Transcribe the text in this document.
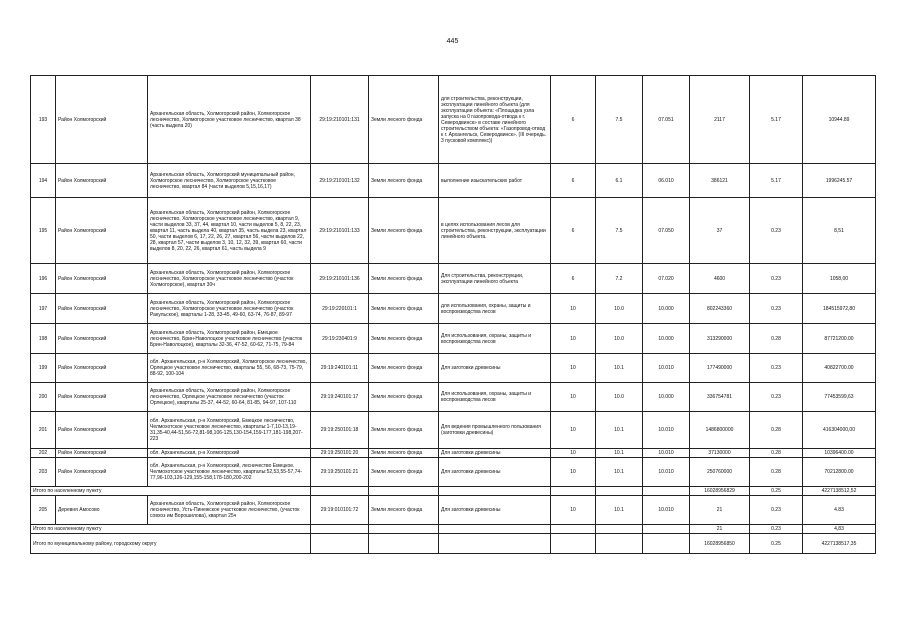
445
193	Район Холмогорский	Архангельская область, Холмогорский район, Холмогорское лесничество, Холмогорское участковое лесничество, квартал 38 (часть выдела 20)	29:19:210101:131	Земли лесного фонда	для строительства, реконструкции, эксплуатации линейного объекта (для эксплуатации объекта: «Площадка узла запуска на 0 газопровода-отвода к г. Северодвинск» в составе линейного строительством объекта: «Газопровод-отвод к г. Архангельск, Северодвинск». (III очередь. 3 пусковой комплекс))	6	7.5	07.051	2117	5.17	10944.89
194	Район Холмогорский	Архангельская область, Холмогорский муниципальный район, Холмогорское лесничество, Холмогорское участковое лесничество, квартал 84 (части выделов 5,15,16,17)	29:19:210101:132	Земли лесного фонда	выполнение изыскательских работ	6	6.1	06.010	386121	5.17	1996245.57
195	Район Холмогорский	Архангельская область, Холмогорский район, Холмогорское лесничество, Холмогорское участковое лесничество, квартал 9, части выделов 33, 37, 44, квартал 10, части выделов 5, 8, 22, 23, квартал 11, часть выдела 40, квартал 35, часть выдела 23, квартал 50, части выделов 6, 17, 22, 26, 27, квартал 56, части выделов 22, 28, квартал 57, части выделов 3, 10, 12, 32, 39, квартал 60, части выделов 8, 20, 22, 26, квартал 61, часть выдела 9	29:19:210101:133	Земли лесного фонда	в целях использования лесов для строительства, реконструкции, эксплуатации линейного объекта.	6	7.5	07.050	37	0.23	8,51
196	Район Холмогорский	Архангельская область, Холмогорский район, Холмогорское лесничество, Холмогорское участковое лесничество (участок Холмогорское), квартал 30ч	29:19:210101:136	Земли лесного фонда	Для строительства, реконструкции, эксплуатации линейного объекта	6	7.2	07.020	4600	0.23	1058,00
197	Район Холмогорский	Архангельская область, Холмогорский район, Холмогорское лесничество, Холмогорское участковое лесничество (участок Ракульское), кварталы 1-28, 33-45, 49-60, 63-74, 76-87, 89-97	29:19:220101:1	Земли лесного фонда	для использования, охраны, защиты и воспроизводства лесов	10	10.0	10.000	802243360	0.23	184515972,80
198	Район Холмогорский	Архангельская область, Холмогорский район, Емецкое лесничество, Брин-Наволоцкое участковое лесничество (участок Брин-Наволоцкое), кварталы 32-36, 47-52, 60-62, 71-75, 79-84	29:19:230401:9	Земли лесного фонда	Для использования, охраны, защиты и воспроизводства лесов	10	10.0	10.000	313290000	0.28	87721200.00
199	Район Холмогорский	обл. Архангельская, р-н Холмогорский, Холмогорское лесничество, Орлецкое участковое лесничество, кварталы 55, 56, 68-73, 75-79, 88-92, 100-104	29:19:240101:11	Земли лесного фонда	Для заготовки древесины	10	10.1	10.010	177490000	0.23	40822700.00
200	Район Холмогорский	Архангельская область, Холмогорский район, Холмогорское лесничество, Орлецкое участковое лесничество (участок Орлецкое), кварталы 25-37, 44-52, 60-64, 81-85, 94-97, 107-110	29:19:240101:17	Земли лесного фонда	Для использования, охраны, защиты и воспроизводства лесов	10	10.0	10.000	336754781	0.23	77453599,63
201	Район Холмогорский	обл. Архангельская, р-н Холмогорский, Емецкое лесничество, Челмохотское участковое лесничество, кварталы:1-7,10-13,19-31,35-40,44-51,56-72,81-98,106-125,130-154,159-177,181-198,207-223	29:19:250101:18	Земли лесного фонда	Для ведения промышленного пользования (заготовки древесины)	10	10.1	10.010	1486800000	0.28	416304000,00
202	Район Холмогорский	обл. Архангельская, р-н Холмогорский	29:19:250101:20	Земли лесного фонда	Для заготовки древесины	10	10.1	10.010	37130000	0.28	10396400.00
203	Район Холмогорский	обл. Архангельская, р-н Холмогорский, лесничество Емецкое. Челмохотское участковое лесничество, кварталы:52,53,55-57,74-77,96-103,126-129,155-158,178-180,200-202	29:19:250101:21	Земли лесного фонда	Для заготовки древесины	10	10.1	10.010	250760000	0.28	70212800.00
Итого по населенному пункту									16028956829	0.25	4227138512,52
205	Деревня Амосово	Архангельская область, Холмогорский район, Холмогорское лесничество, Усть-Пинежское участковое лесничество, (участок совхоз им Ворошилова), квартал 25ч	29:19:010101:72	Земли лесного фонда	Для заготовки древесины	10	10.1	10.010	21	0.23	4.83
Итого по населенному пункту									21	0.23	4,83
Итого по муниципальному району, городскому округу									16028956850	0.25	4227138517,35
